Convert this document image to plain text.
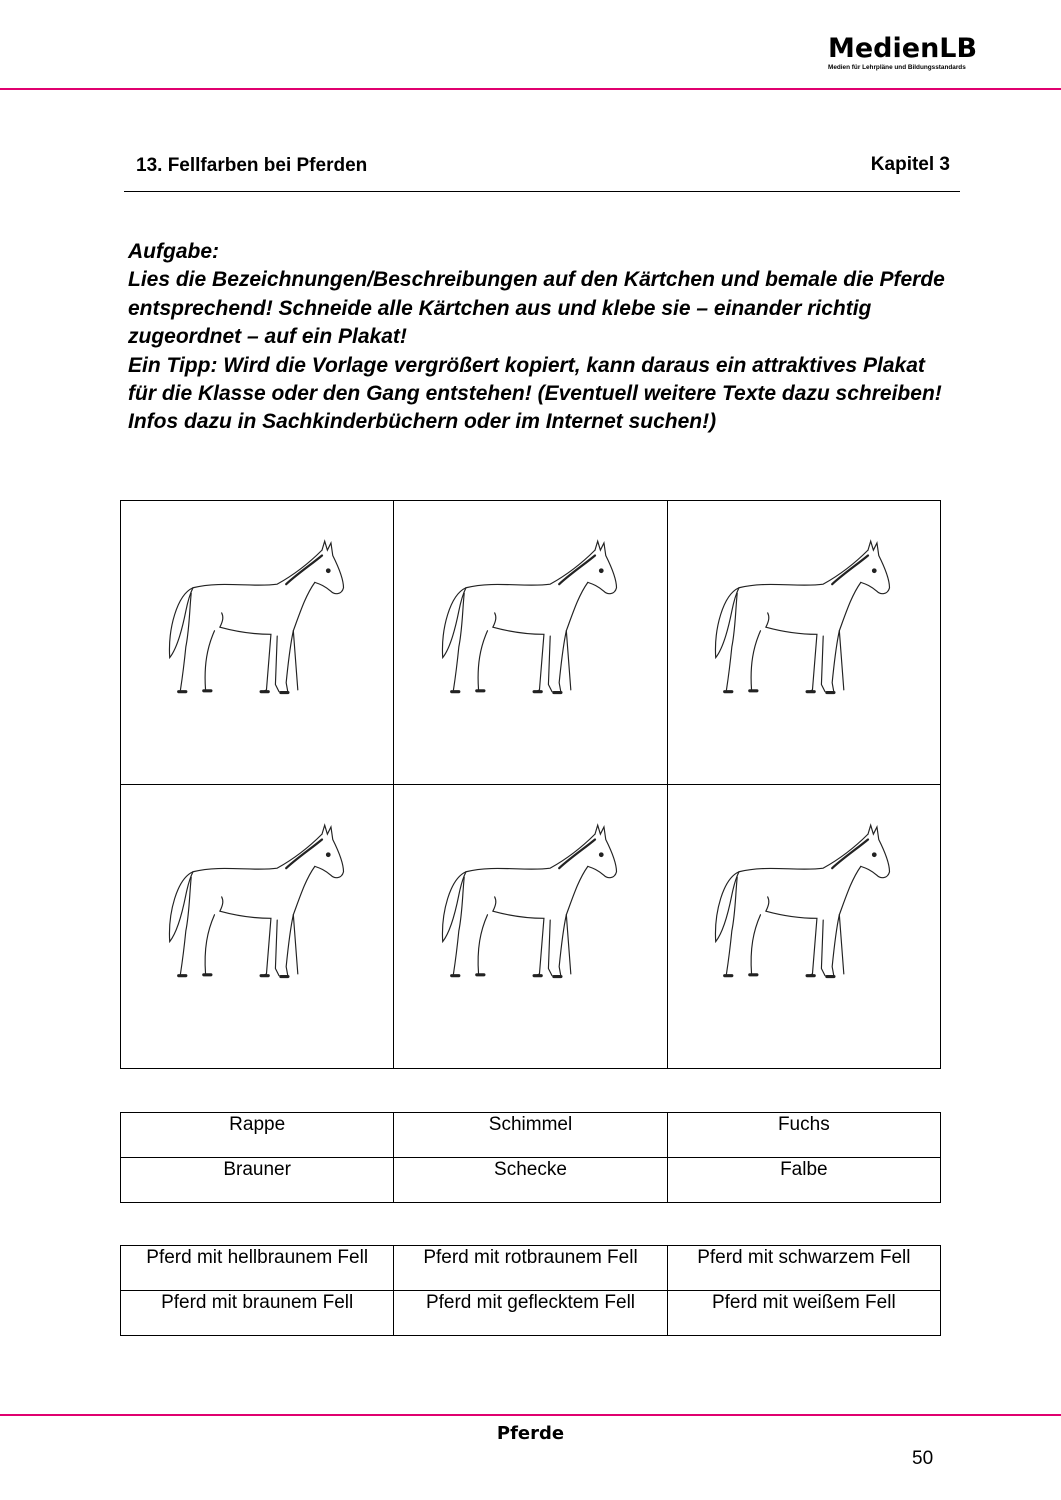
MedienLB
Medien für Lehrpläne und Bildungsstandards
13. Fellfarben bei Pferden	Kapitel 3

Aufgabe:

Lies die Bezeichnungen/Beschreibungen auf den Kärtchen und bemale die Pferde entsprechend! Schneide alle Kärtchen aus und klebe sie – einander richtig zugeordnet – auf ein Plakat!

Ein Tipp: Wird die Vorlage vergrößert kopiert, kann daraus ein attraktives Plakat für die Klasse oder den Gang entstehen! (Eventuell weitere Texte dazu schreiben! Infos dazu in Sachkinderbüchern oder im Internet suchen!)

Rappe	Schimmel	Fuchs
Brauner	Schecke	Falbe
Pferd mit hellbraunem Fell	Pferd mit rotbraunem Fell	Pferd mit schwarzem Fell
Pferd mit braunem Fell	Pferd mit geflecktem Fell	Pferd mit weißem Fell
Pferde
50
